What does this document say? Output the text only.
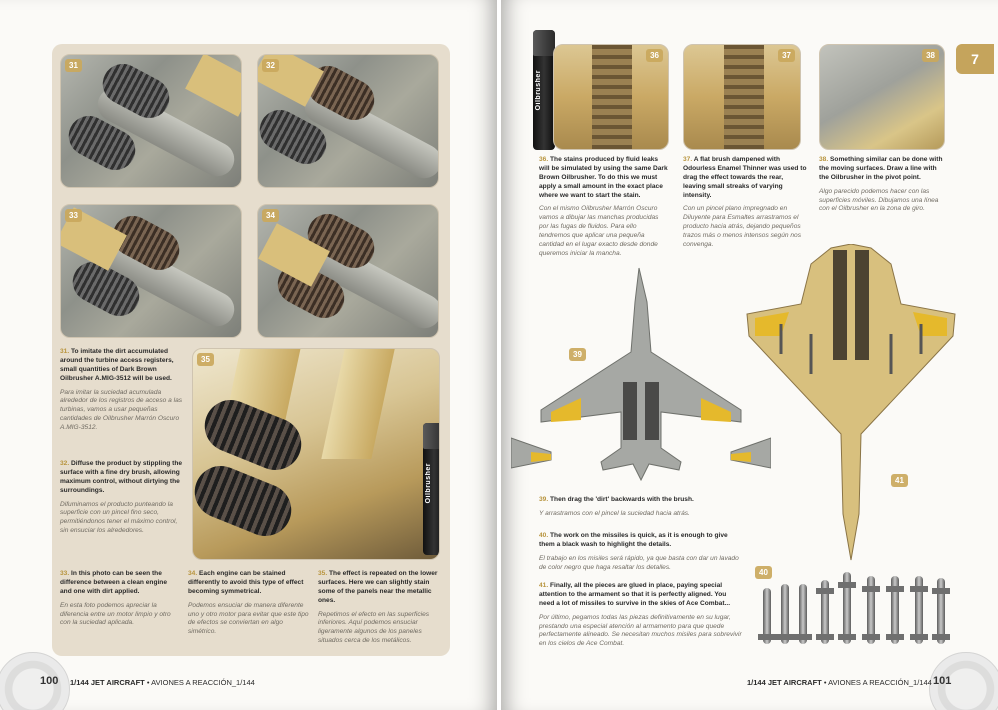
31	32
33	34
Oilbrusher
35
31. To imitate the dirt accumulated around the turbine access registers, small quantities of Dark Brown Oilbrusher A.MIG-3512 will be used.
Para imitar la suciedad acumulada alrededor de los registros de acceso a las turbinas, vamos a usar pequeñas cantidades de Oilbrusher Marrón Oscuro A.MIG-3512.
32. Diffuse the product by stippling the surface with a fine dry brush, allowing maximum control, without dirtying the surroundings.
Difuminamos el producto punteando la superficie con un pincel fino seco, permitiéndonos tener el máximo control, sin ensuciar los alrededores.
33. In this photo can be seen the difference between a clean engine and one with dirt applied.
En esta foto podemos apreciar la diferencia entre un motor limpio y otro con la suciedad aplicada.
34. Each engine can be stained differently to avoid this type of effect becoming symmetrical.
Podemos ensuciar de manera diferente uno y otro motor para evitar que este tipo de efectos se conviertan en algo simétrico.
35. The effect is repeated on the lower surfaces. Here we can slightly stain some of the panels near the metallic ones.
Repetimos el efecto en las superficies inferiores. Aquí podemos ensuciar ligeramente algunos de los paneles situados cerca de los metálicos.
100 1/144 JET AIRCRAFT • AVIONES A REACCIÓN_1/144
7
Oilbrusher
36	37	38
36. The stains produced by fluid leaks will be simulated by using the same Dark Brown Oilbrusher. To do this we must apply a small amount in the exact place where we want to start the stain.
Con el mismo Oilbrusher Marrón Oscuro vamos a dibujar las manchas producidas por las fugas de fluidos. Para ello tendremos que aplicar una pequeña cantidad en el lugar exacto desde donde queremos iniciar la mancha.
37. A flat brush dampened with Odourless Enamel Thinner was used to drag the effect towards the rear, leaving small streaks of varying intensity.
Con un pincel plano impregnado en Diluyente para Esmaltes arrastramos el producto hacia atrás, dejando pequeños trazos más o menos intensos según nos convenga.
38. Something similar can be done with the moving surfaces. Draw a line with the Oilbrusher in the pivot point.
Algo parecido podemos hacer con las superficies móviles. Dibujamos una línea con el Oilbrusher en la zona de giro.
39
41
39. Then drag the 'dirt' backwards with the brush.
Y arrastramos con el pincel la suciedad hacia atrás.
40. The work on the missiles is quick, as it is enough to give them a black wash to highlight the details.
El trabajo en los misiles será rápido, ya que basta con dar un lavado de color negro que haga resaltar los detalles.
41. Finally, all the pieces are glued in place, paying special attention to the armament so that it is perfectly aligned. You need a lot of missiles to survive in the skies of Ace Combat...
Por último, pegamos todas las piezas definitivamente en su lugar, prestando una especial atención al armamento para que quede perfectamente alineado. Se necesitan muchos misiles para sobrevivir en los cielos de Ace Combat.
40
1/144 JET AIRCRAFT • AVIONES A REACCIÓN_1/144 101
